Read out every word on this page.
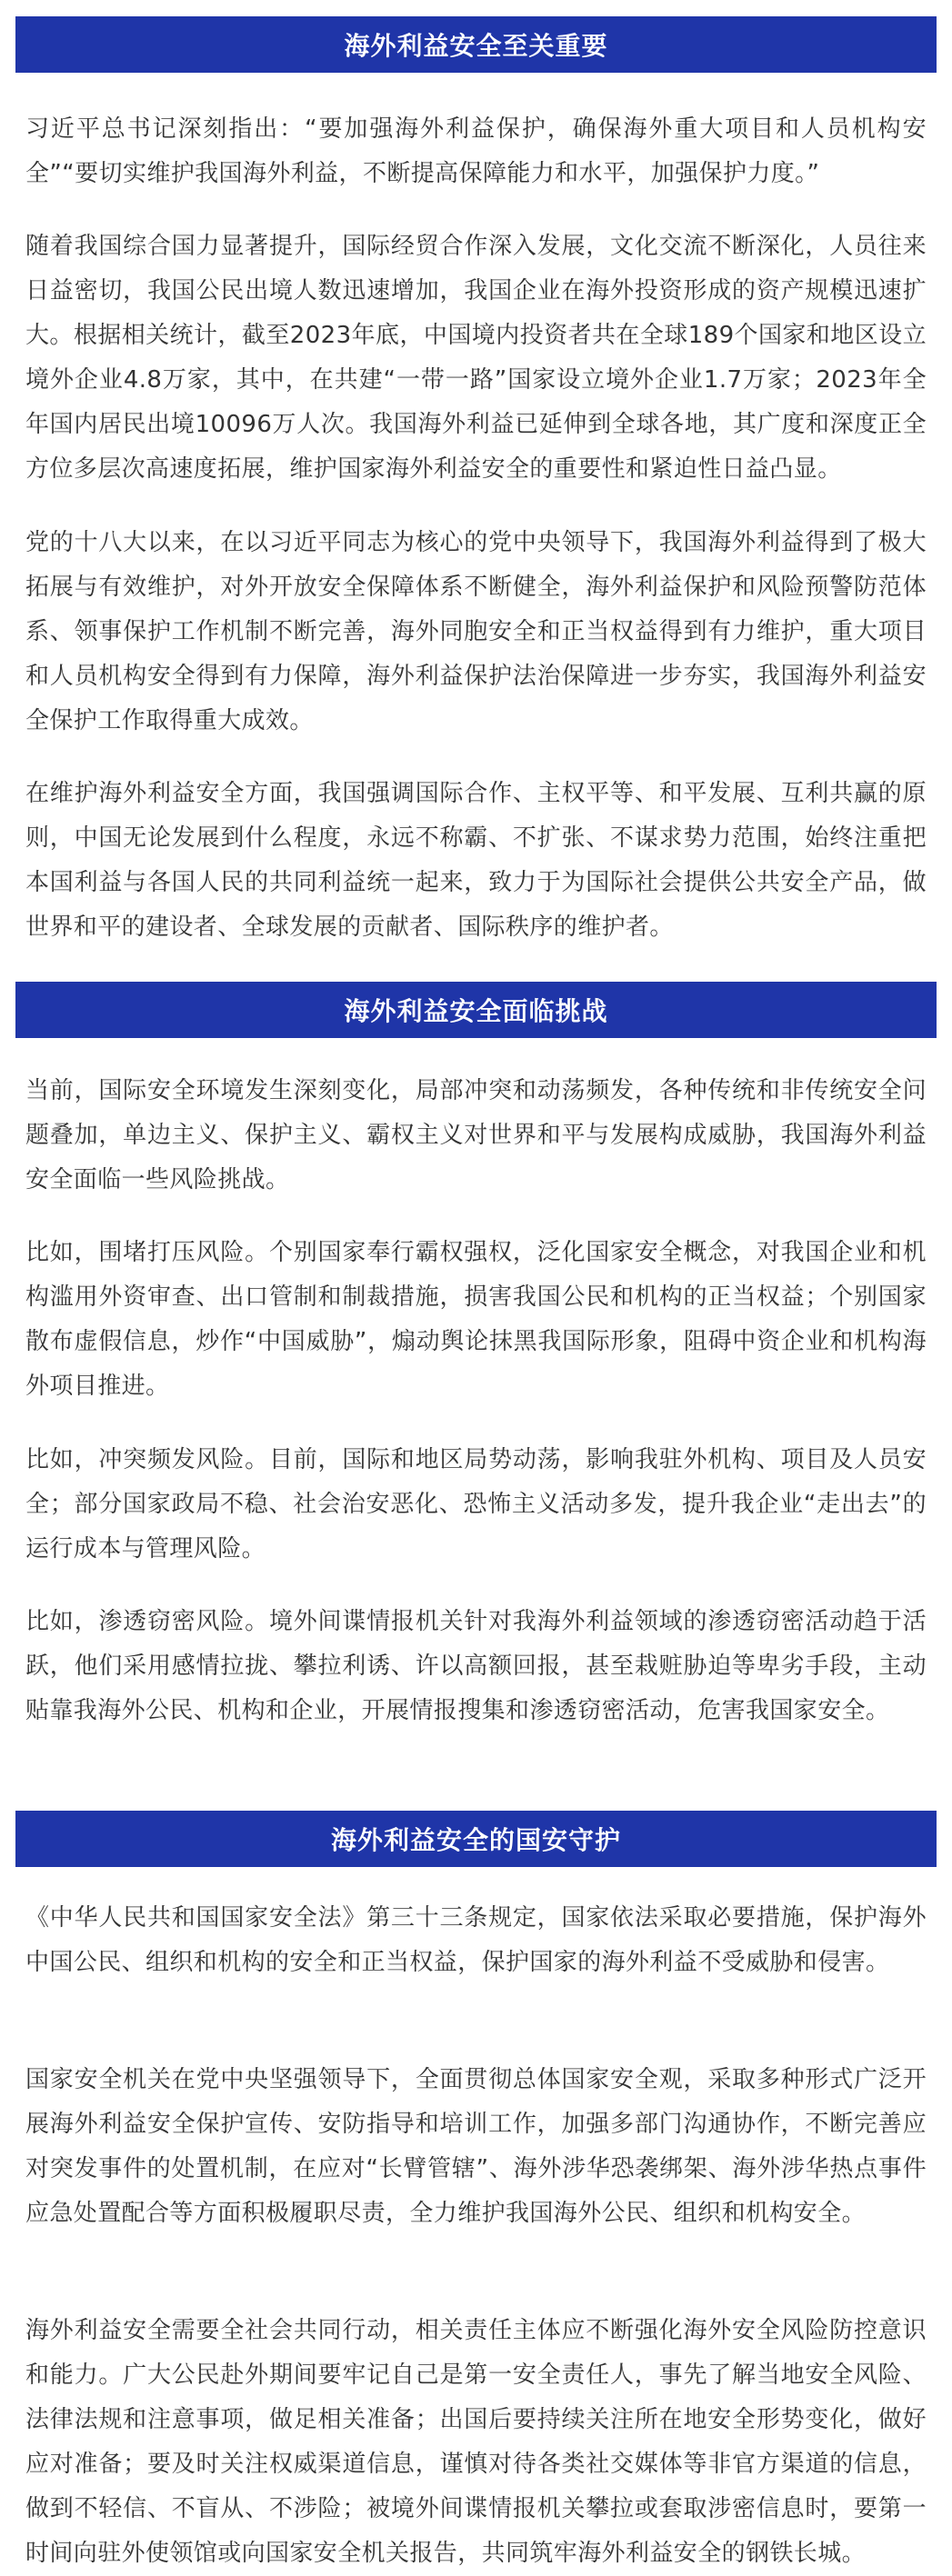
海外利益安全至关重要

习近平总书记深刻指出：“要加强海外利益保护，确保海外重大项目和人员机构安全”“要切实维护我国海外利益，不断提高保障能力和水平，加强保护力度。”

随着我国综合国力显著提升，国际经贸合作深入发展，文化交流不断深化，人员往来日益密切，我国公民出境人数迅速增加，我国企业在海外投资形成的资产规模迅速扩大。根据相关统计，截至2023年底，中国境内投资者共在全球189个国家和地区设立境外企业4.8万家，其中，在共建“一带一路”国家设立境外企业1.7万家；2023年全年国内居民出境10096万人次。我国海外利益已延伸到全球各地，其广度和深度正全方位多层次高速度拓展，维护国家海外利益安全的重要性和紧迫性日益凸显。

党的十八大以来，在以习近平同志为核心的党中央领导下，我国海外利益得到了极大拓展与有效维护，对外开放安全保障体系不断健全，海外利益保护和风险预警防范体系、领事保护工作机制不断完善，海外同胞安全和正当权益得到有力维护，重大项目和人员机构安全得到有力保障，海外利益保护法治保障进一步夯实，我国海外利益安全保护工作取得重大成效。

在维护海外利益安全方面，我国强调国际合作、主权平等、和平发展、互利共赢的原则，中国无论发展到什么程度，永远不称霸、不扩张、不谋求势力范围，始终注重把本国利益与各国人民的共同利益统一起来，致力于为国际社会提供公共安全产品，做世界和平的建设者、全球发展的贡献者、国际秩序的维护者。

海外利益安全面临挑战

当前，国际安全环境发生深刻变化，局部冲突和动荡频发，各种传统和非传统安全问题叠加，单边主义、保护主义、霸权主义对世界和平与发展构成威胁，我国海外利益安全面临一些风险挑战。

比如，围堵打压风险。个别国家奉行霸权强权，泛化国家安全概念，对我国企业和机构滥用外资审查、出口管制和制裁措施，损害我国公民和机构的正当权益；个别国家散布虚假信息，炒作“中国威胁”，煽动舆论抹黑我国际形象，阻碍中资企业和机构海外项目推进。

比如，冲突频发风险。目前，国际和地区局势动荡，影响我驻外机构、项目及人员安全；部分国家政局不稳、社会治安恶化、恐怖主义活动多发，提升我企业“走出去”的运行成本与管理风险。

比如，渗透窃密风险。境外间谍情报机关针对我海外利益领域的渗透窃密活动趋于活跃，他们采用感情拉拢、攀拉利诱、许以高额回报，甚至栽赃胁迫等卑劣手段，主动贴靠我海外公民、机构和企业，开展情报搜集和渗透窃密活动，危害我国家安全。

海外利益安全的国安守护

《中华人民共和国国家安全法》第三十三条规定，国家依法采取必要措施，保护海外中国公民、组织和机构的安全和正当权益，保护国家的海外利益不受威胁和侵害。

国家安全机关在党中央坚强领导下，全面贯彻总体国家安全观，采取多种形式广泛开展海外利益安全保护宣传、安防指导和培训工作，加强多部门沟通协作，不断完善应对突发事件的处置机制，在应对“长臂管辖”、海外涉华恐袭绑架、海外涉华热点事件应急处置配合等方面积极履职尽责，全力维护我国海外公民、组织和机构安全。

海外利益安全需要全社会共同行动，相关责任主体应不断强化海外安全风险防控意识和能力。广大公民赴外期间要牢记自己是第一安全责任人，事先了解当地安全风险、法律法规和注意事项，做足相关准备；出国后要持续关注所在地安全形势变化，做好应对准备；要及时关注权威渠道信息，谨慎对待各类社交媒体等非官方渠道的信息，做到不轻信、不盲从、不涉险；被境外间谍情报机关攀拉或套取涉密信息时，要第一时间向驻外使领馆或向国家安全机关报告，共同筑牢海外利益安全的钢铁长城。
